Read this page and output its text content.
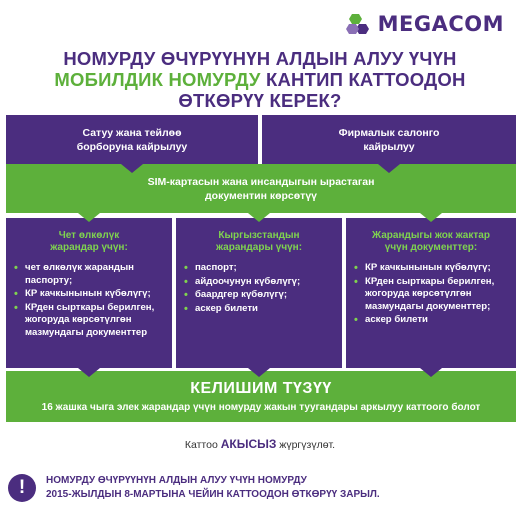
MEGACOM
НОМУРДУ ӨЧҮРҮҮНҮН АЛДЫН АЛУУ ҮЧҮН
МОБИЛДИК НОМУРДУ КАНТИП КАТТООДОН
ӨТКӨРҮҮ КЕРЕК?
Сатуу жана тейлөө
борборуна кайрылуу
Фирмалык салонго
кайрылуу
SIM-картасын жана инсандыгын ырастаган
документин көрсөтүү
Чет өлкөлүк
жарандар үчүн:
• чет өлкөлүк жарандын паспорту;
• КР качкынынын күбөлүгү;
• КРден сырткары берилген, жогоруда көрсөтүлгөн мазмундагы документтер
Кыргызстандын
жарандары үчүн:
• паспорт;
• айдоочунун күбөлүгү;
• баардгер күбөлүгү;
• аскер билети
Жарандыгы жок жактар
үчүн документтер:
• КР качкынынын күбөлүгү;
• КРден сырткары берилген, жогоруда көрсөтүлгөн мазмундагы документтер;
• аскер билети
КЕЛИШИМ ТҮЗҮҮ
16 жашка чыга элек жарандар үчүн номурду жакын туугандары аркылуу каттоого болот
Каттоо АКЫСЫЗ жүргүзүлөт.
!	НОМУРДУ ӨЧҮРҮҮНҮН АЛДЫН АЛУУ ҮЧҮН НОМУРДУ
2015-ЖЫЛДЫН 8-МАРТЫНА ЧЕЙИН КАТТООДОН ӨТКӨРҮҮ ЗАРЫЛ.
